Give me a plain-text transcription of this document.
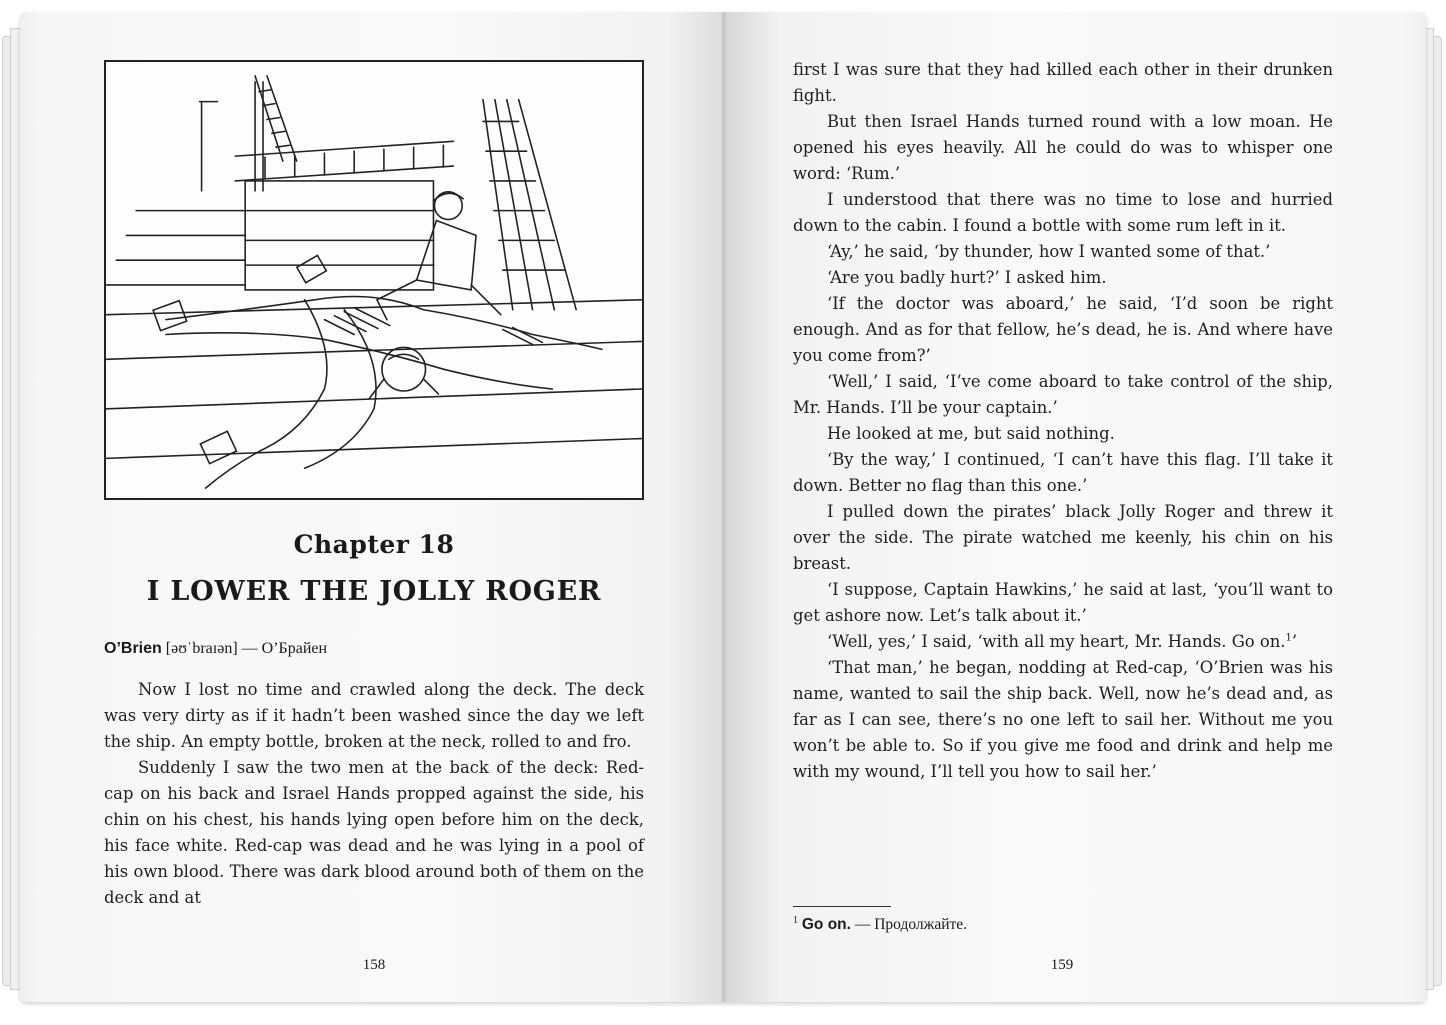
Chapter 18
I LOWER THE JOLLY ROGER
O’Brien [əʊˈbraɪən] — О’Брайен

Now I lost no time and crawled along the deck. The deck was very dirty as if it hadn’t been washed since the day we left the ship. An empty bottle, broken at the neck, rolled to and fro.

Suddenly I saw the two men at the back of the deck: Red-cap on his back and Israel Hands propped against the side, his chin on his chest, his hands lying open before him on the deck, his face white. Red-cap was dead and he was lying in a pool of his own blood. There was dark blood around both of them on the deck and at

158

first I was sure that they had killed each other in their drunken fight.

But then Israel Hands turned round with a low moan. He opened his eyes heavily. All he could do was to whisper one word: ‘Rum.’

I understood that there was no time to lose and hurried down to the cabin. I found a bottle with some rum left in it.

‘Ay,’ he said, ‘by thunder, how I wanted some of that.’

‘Are you badly hurt?’ I asked him.

‘If the doctor was aboard,’ he said, ‘I’d soon be right enough. And as for that fellow, he’s dead, he is. And where have you come from?’

‘Well,’ I said, ‘I’ve come aboard to take control of the ship, Mr. Hands. I’ll be your captain.’

He looked at me, but said nothing.

‘By the way,’ I continued, ‘I can’t have this flag. I’ll take it down. Better no flag than this one.’

I pulled down the pirates’ black Jolly Roger and threw it over the side. The pirate watched me keenly, his chin on his breast.

‘I suppose, Captain Hawkins,’ he said at last, ‘you’ll want to get ashore now. Let’s talk about it.’

‘Well, yes,’ I said, ‘with all my heart, Mr. Hands. Go on.$^1$’

‘That man,’ he began, nodding at Red-cap, ‘O’Brien was his name, wanted to sail the ship back. Well, now he’s dead and, as far as I can see, there’s no one left to sail her. Without me you won’t be able to. So if you give me food and drink and help me with my wound, I’ll tell you how to sail her.’

$^1$ Go on. — Продолжайте.
159
